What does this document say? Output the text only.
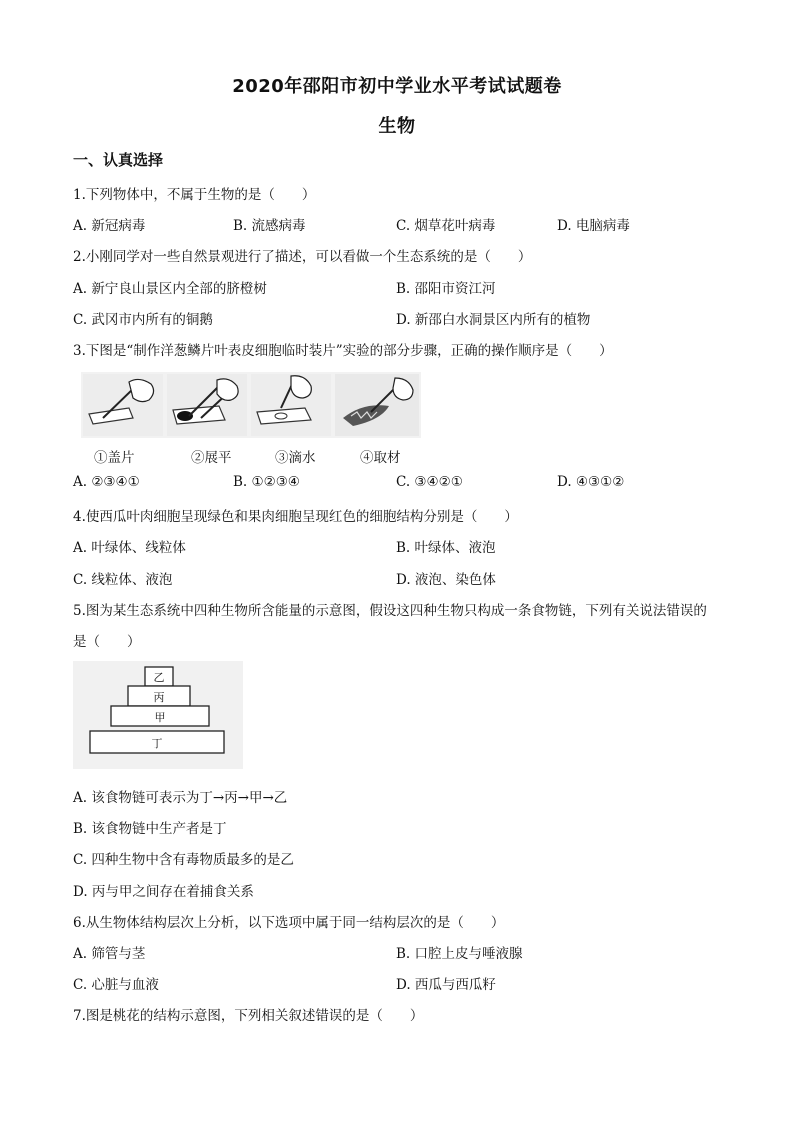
2020年邵阳市初中学业水平考试试题卷
生物
一、认真选择
1.下列物体中，不属于生物的是（　　）
A. 新冠病毒	B. 流感病毒	C. 烟草花叶病毒	D. 电脑病毒
2.小刚同学对一些自然景观进行了描述，可以看做一个生态系统的是（　　）
A. 新宁良山景区内全部的脐橙树	B. 邵阳市资江河
C. 武冈市内所有的铜鹅	D. 新邵白水洞景区内所有的植物
3.下图是“制作洋葱鳞片叶表皮细胞临时装片”实验的部分步骤，正确的操作顺序是（　　）
①盖片	②展平	③滴水	④取材
A. ②③④①	B. ①②③④	C. ③④②①	D. ④③①②
4.使西瓜叶肉细胞呈现绿色和果肉细胞呈现红色的细胞结构分别是（　　）
A. 叶绿体、线粒体	B. 叶绿体、液泡
C. 线粒体、液泡	D. 液泡、染色体
5.图为某生态系统中四种生物所含能量的示意图，假设这四种生物只构成一条食物链，下列有关说法错误的
是（　　）
乙
丙
甲
丁
A. 该食物链可表示为丁→丙→甲→乙
B. 该食物链中生产者是丁
C. 四种生物中含有毒物质最多的是乙
D. 丙与甲之间存在着捕食关系
6.从生物体结构层次上分析，以下选项中属于同一结构层次的是（　　）
A. 筛管与茎	B. 口腔上皮与唾液腺
C. 心脏与血液	D. 西瓜与西瓜籽
7.图是桃花的结构示意图，下列相关叙述错误的是（　　）
